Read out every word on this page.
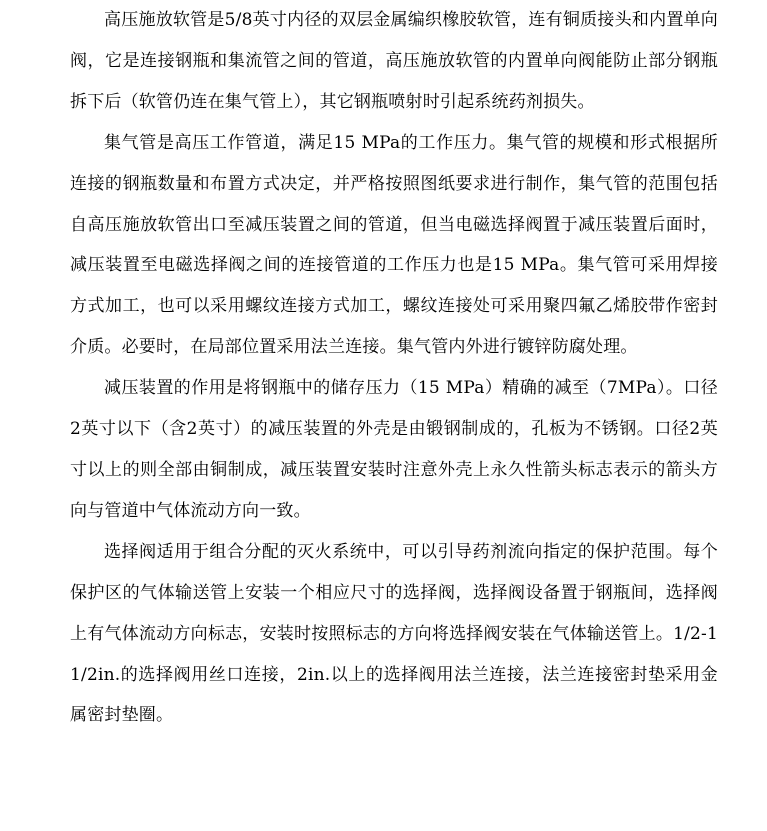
高压施放软管是5/8英寸内径的双层金属编织橡胶软管，连有铜质接头和内置单向阀，它是连接钢瓶和集流管之间的管道，高压施放软管的内置单向阀能防止部分钢瓶拆下后（软管仍连在集气管上），其它钢瓶喷射时引起系统药剂损失。

集气管是高压工作管道，满足15 MPa的工作压力。集气管的规模和形式根据所连接的钢瓶数量和布置方式决定，并严格按照图纸要求进行制作，集气管的范围包括自高压施放软管出口至减压装置之间的管道，但当电磁选择阀置于减压装置后面时，减压装置至电磁选择阀之间的连接管道的工作压力也是15 MPa。集气管可采用焊接方式加工，也可以采用螺纹连接方式加工，螺纹连接处可采用聚四氟乙烯胶带作密封介质。必要时，在局部位置采用法兰连接。集气管内外进行镀锌防腐处理。

减压装置的作用是将钢瓶中的储存压力（15 MPa）精确的减至（7MPa）。口径2英寸以下（含2英寸）的减压装置的外壳是由锻钢制成的，孔板为不锈钢。口径2英寸以上的则全部由铜制成，减压装置安装时注意外壳上永久性箭头标志表示的箭头方向与管道中气体流动方向一致。

选择阀适用于组合分配的灭火系统中，可以引导药剂流向指定的保护范围。每个保护区的气体输送管上安装一个相应尺寸的选择阀，选择阀设备置于钢瓶间，选择阀上有气体流动方向标志，安装时按照标志的方向将选择阀安装在气体输送管上。1/2-11/2in.的选择阀用丝口连接，2in.以上的选择阀用法兰连接，法兰连接密封垫采用金属密封垫圈。
